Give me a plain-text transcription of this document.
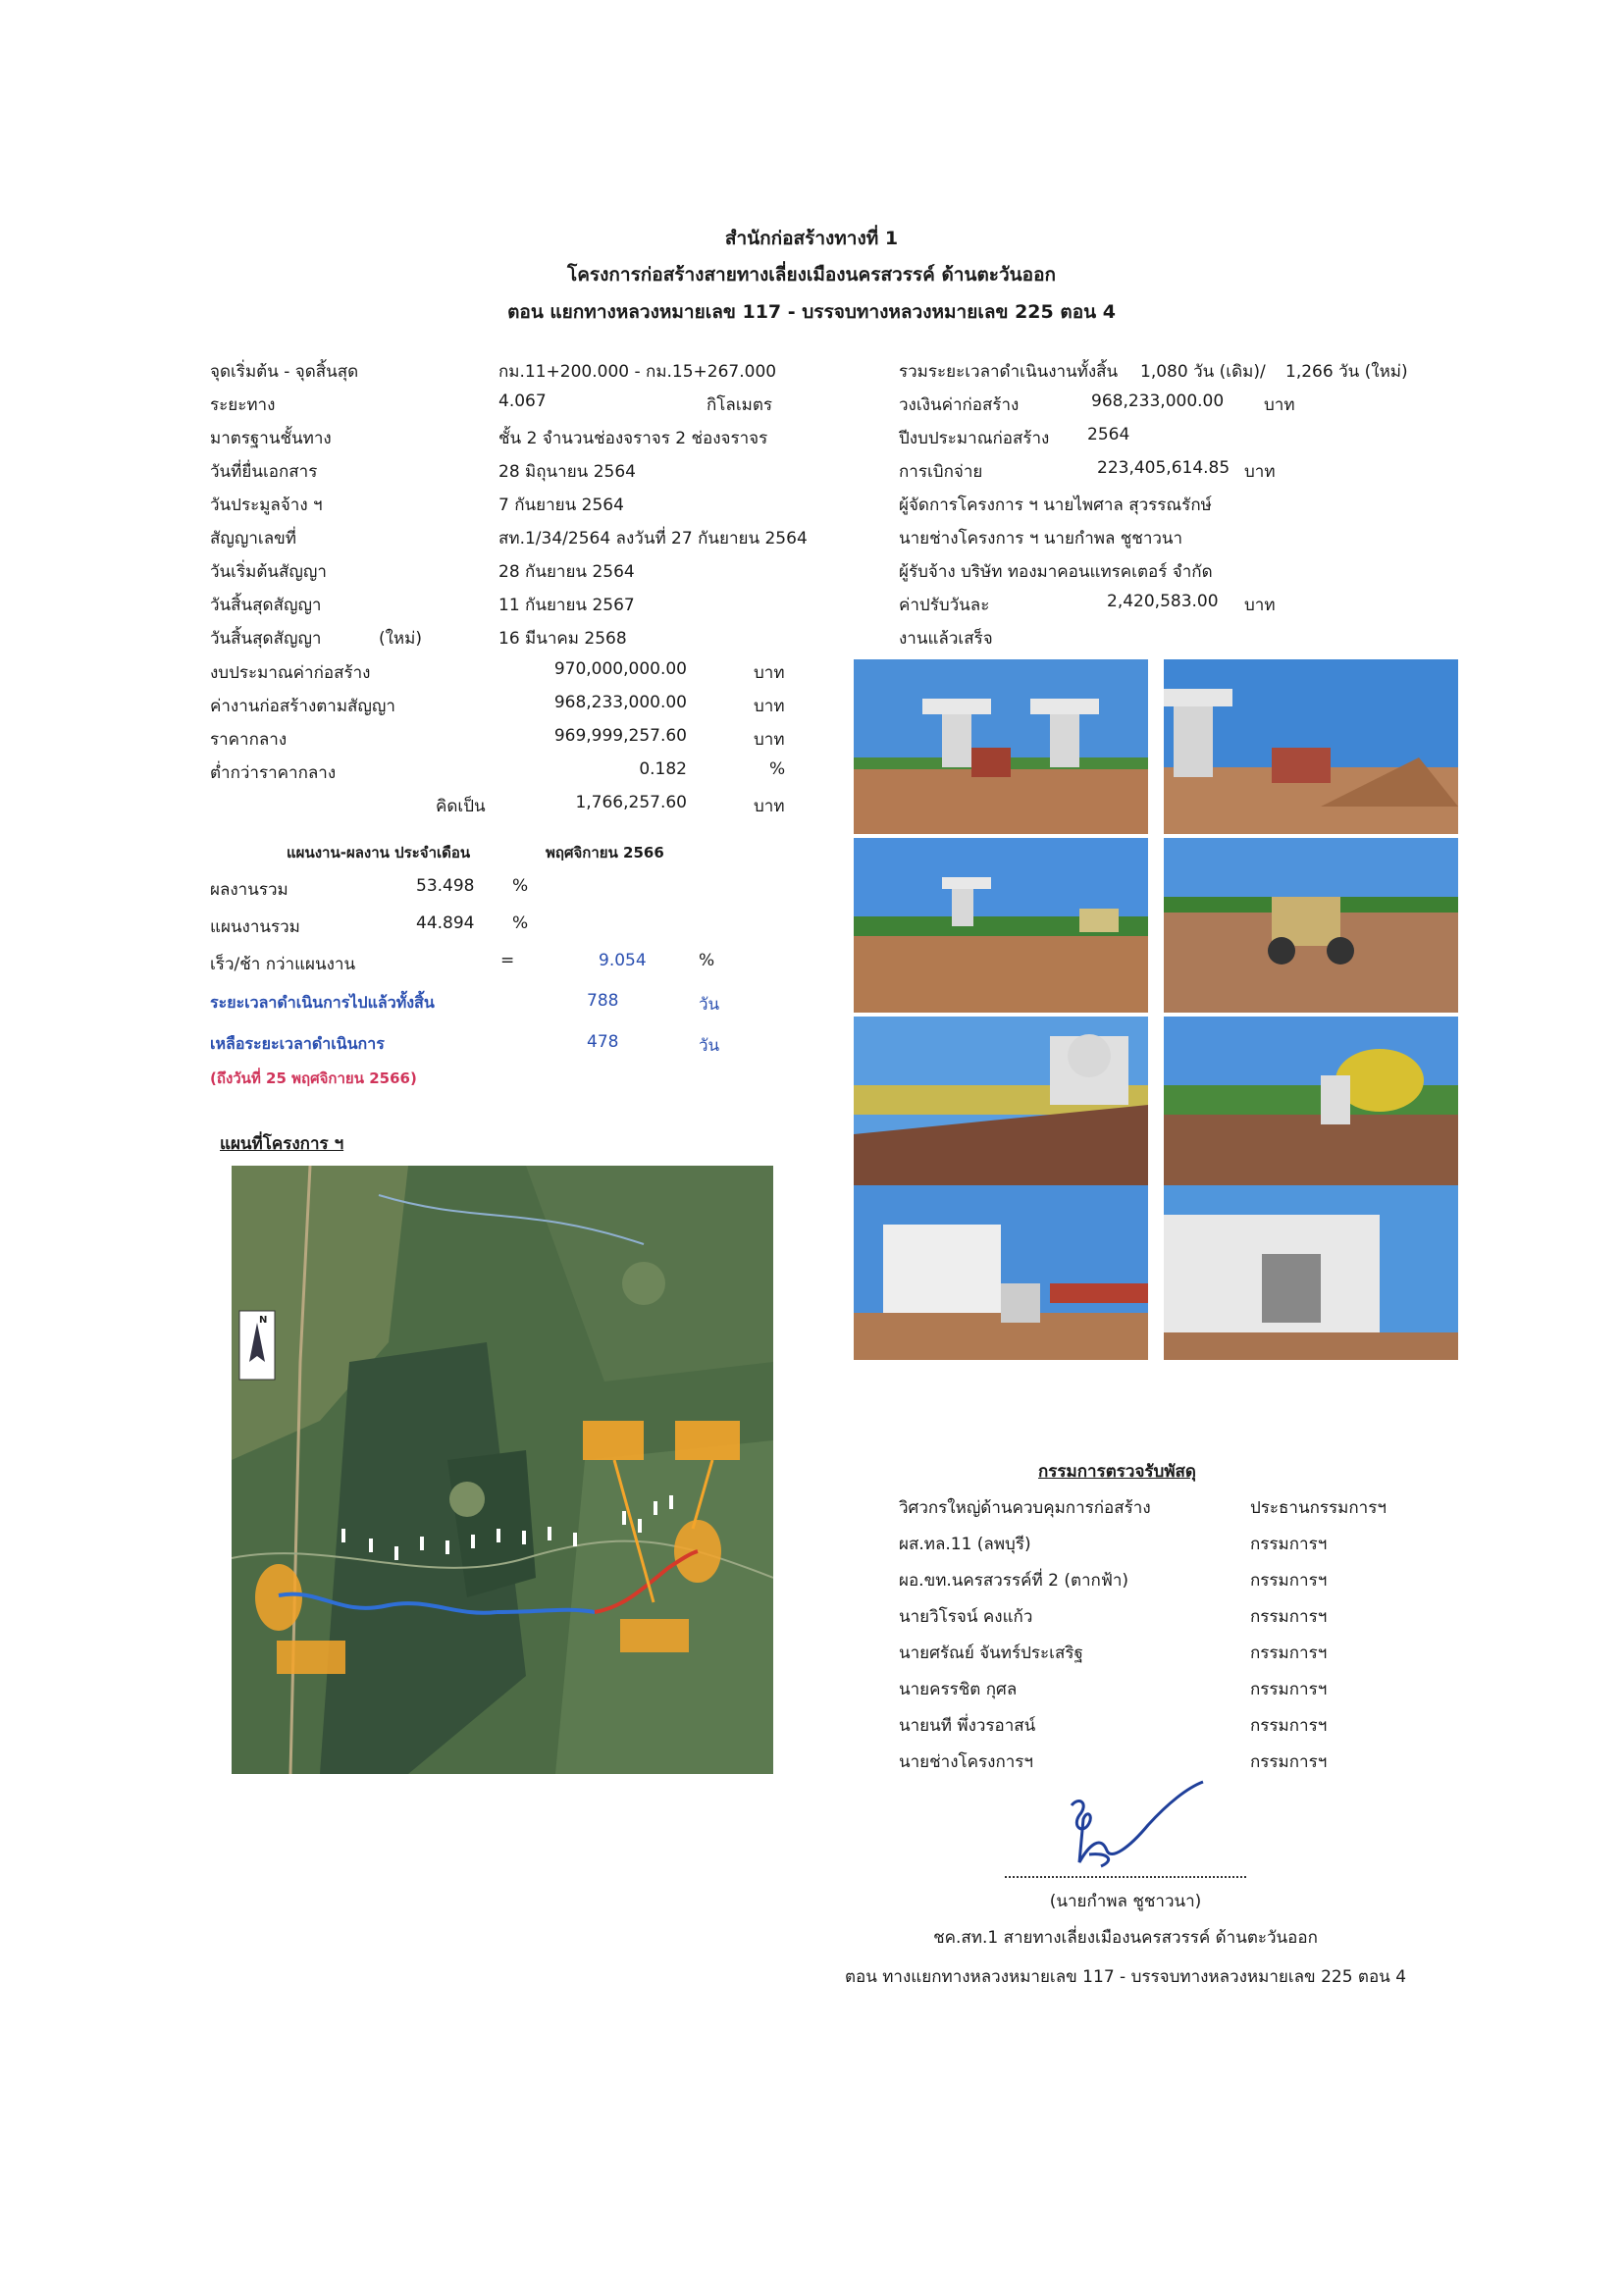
สำนักก่อสร้างทางที่ 1
โครงการก่อสร้างสายทางเลี่ยงเมืองนครสวรรค์ ด้านตะวันออก
ตอน แยกทางหลวงหมายเลข 117 - บรรจบทางหลวงหมายเลข 225 ตอน 4
จุดเริ่มต้น - จุดสิ้นสุด	กม.11+200.000 - กม.15+267.000
ระยะทาง	4.067	กิโลเมตร
มาตรฐานชั้นทาง	ชั้น 2 จำนวนช่องจราจร 2 ช่องจราจร
วันที่ยื่นเอกสาร	28 มิถุนายน 2564
วันประมูลจ้าง ฯ	7 กันยายน 2564
สัญญาเลขที่	สท.1/34/2564 ลงวันที่ 27 กันยายน 2564
วันเริ่มต้นสัญญา	28 กันยายน 2564
วันสิ้นสุดสัญญา	11 กันยายน 2567
วันสิ้นสุดสัญญา	(ใหม่)	16 มีนาคม 2568
งบประมาณค่าก่อสร้าง	970,000,000.00	บาท
ค่างานก่อสร้างตามสัญญา	968,233,000.00	บาท
ราคากลาง	969,999,257.60	บาท
ต่ำกว่าราคากลาง	0.182	%
คิดเป็น	1,766,257.60	บาท
รวมระยะเวลาดำเนินงานทั้งสิ้น 1,080 วัน (เดิม)/ 1,266 วัน (ใหม่)
วงเงินค่าก่อสร้าง	968,233,000.00 บาท
ปีงบประมาณก่อสร้าง 2564
การเบิกจ่าย	223,405,614.85 บาท
ผู้จัดการโครงการ ฯ นายไพศาล สุวรรณรักษ์
นายช่างโครงการ ฯ นายกำพล ชูชาวนา
ผู้รับจ้าง บริษัท ทองมาคอนแทรคเตอร์ จำกัด
ค่าปรับวันละ	2,420,583.00 บาท
งานแล้วเสร็จ
แผนงาน-ผลงาน ประจำเดือน	พฤศจิกายน 2566
ผลงานรวม	53.498 %
แผนงานรวม	44.894 %
เร็ว/ช้า กว่าแผนงาน	=	9.054	%
ระยะเวลาดำเนินการไปแล้วทั้งสิ้น	788	วัน
เหลือระยะเวลาดำเนินการ	478	วัน
(ถึงวันที่ 25 พฤศจิกายน 2566)
แผนที่โครงการ ฯ
N
กรรมการตรวจรับพัสดุ
วิศวกรใหญ่ด้านควบคุมการก่อสร้าง	ประธานกรรมการฯ
ผส.ทล.11 (ลพบุรี)	กรรมการฯ
ผอ.ขท.นครสวรรค์ที่ 2 (ตากฟ้า)	กรรมการฯ
นายวิโรจน์ คงแก้ว	กรรมการฯ
นายศรัณย์ จันทร์ประเสริฐ	กรรมการฯ
นายครรชิต กุศล	กรรมการฯ
นายนที พึ่งวรอาสน์	กรรมการฯ
นายช่างโครงการฯ	กรรมการฯ
(นายกำพล ชูชาวนา)
ชค.สท.1 สายทางเลี่ยงเมืองนครสวรรค์ ด้านตะวันออก
ตอน ทางแยกทางหลวงหมายเลข 117 - บรรจบทางหลวงหมายเลข 225 ตอน 4
